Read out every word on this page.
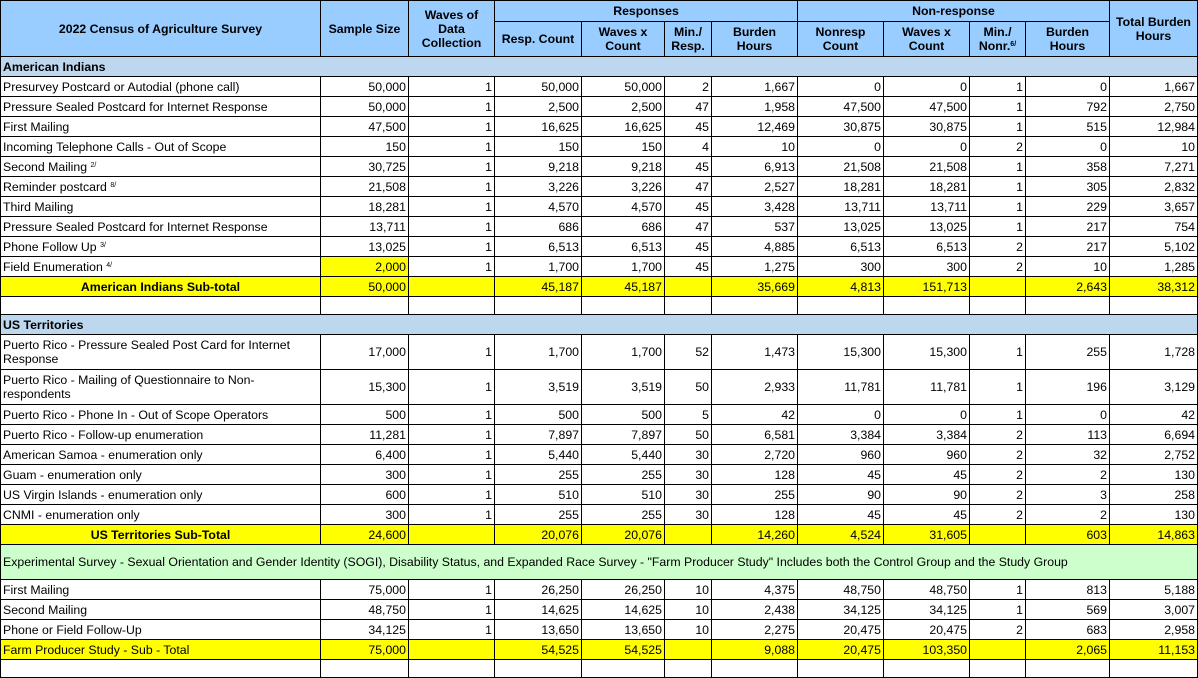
2022 Census of Agriculture Survey	Sample Size	Waves of Data Collection	Responses				Non-response				Total Burden Hours
			Resp. Count	Waves x Count	Min./ Resp.	Burden Hours	Nonresp Count	Waves x Count	Min./ Nonr.$^{6/}$	Burden Hours	
American Indians											
Presurvey Postcard or Autodial (phone call)	50,000	1	50,000	50,000	2	1,667	0	0	1	0	1,667
Pressure Sealed Postcard for Internet Response	50,000	1	2,500	2,500	47	1,958	47,500	47,500	1	792	2,750
First Mailing	47,500	1	16,625	16,625	45	12,469	30,875	30,875	1	515	12,984
Incoming Telephone Calls - Out of Scope	150	1	150	150	4	10	0	0	2	0	10
Second Mailing $^{2/}$	30,725	1	9,218	9,218	45	6,913	21,508	21,508	1	358	7,271
Reminder postcard $^{8/}$	21,508	1	3,226	3,226	47	2,527	18,281	18,281	1	305	2,832
Third Mailing	18,281	1	4,570	4,570	45	3,428	13,711	13,711	1	229	3,657
Pressure Sealed Postcard for Internet Response	13,711	1	686	686	47	537	13,025	13,025	1	217	754
Phone Follow Up $^{3/}$	13,025	1	6,513	6,513	45	4,885	6,513	6,513	2	217	5,102
Field Enumeration $^{4/}$	2,000	1	1,700	1,700	45	1,275	300	300	2	10	1,285
American Indians Sub-total	50,000		45,187	45,187		35,669	4,813	151,713		2,643	38,312

US Territories											
Puerto Rico - Pressure Sealed Post Card for Internet Response	17,000	1	1,700	1,700	52	1,473	15,300	15,300	1	255	1,728
Puerto Rico - Mailing of Questionnaire to Non-respondents	15,300	1	3,519	3,519	50	2,933	11,781	11,781	1	196	3,129
Puerto Rico - Phone In - Out of Scope Operators	500	1	500	500	5	42	0	0	1	0	42
Puerto Rico - Follow-up enumeration	11,281	1	7,897	7,897	50	6,581	3,384	3,384	2	113	6,694
American Samoa - enumeration only	6,400	1	5,440	5,440	30	2,720	960	960	2	32	2,752
Guam - enumeration only	300	1	255	255	30	128	45	45	2	2	130
US Virgin Islands - enumeration only	600	1	510	510	30	255	90	90	2	3	258
CNMI - enumeration only	300	1	255	255	30	128	45	45	2	2	130
US Territories Sub-Total	24,600		20,076	20,076		14,260	4,524	31,605		603	14,863
Experimental Survey - Sexual Orientation and Gender Identity (SOGI), Disability Status, and Expanded Race Survey - "Farm Producer Study" Includes both the Control Group and the Study Group											
First Mailing	75,000	1	26,250	26,250	10	4,375	48,750	48,750	1	813	5,188
Second Mailing	48,750	1	14,625	14,625	10	2,438	34,125	34,125	1	569	3,007
Phone or Field Follow-Up	34,125	1	13,650	13,650	10	2,275	20,475	20,475	2	683	2,958
Farm Producer Study - Sub - Total	75,000		54,525	54,525		9,088	20,475	103,350		2,065	11,153
